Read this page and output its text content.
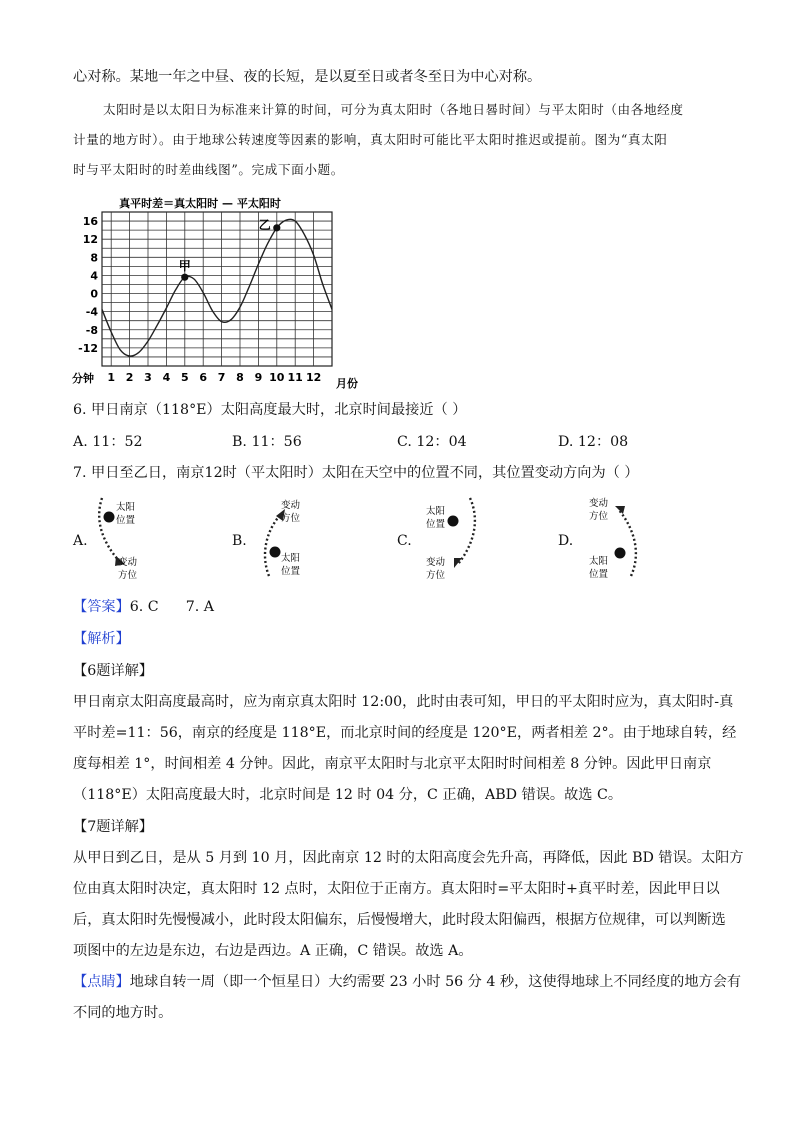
心对称。某地一年之中昼、夜的长短，是以夏至日或者冬至日为中心对称。
太阳时是以太阳日为标准来计算的时间，可分为真太阳时（各地日晷时间）与平太阳时（由各地经度
计量的地方时）。由于地球公转速度等因素的影响，真太阳时可能比平太阳时推迟或提前。图为“真太阳
时与平太阳时的时差曲线图”。完成下面小题。
真平时差＝真太阳时 — 平太阳时
16
12
8
4
0
-4
-8
-12
1 2 3 4 5 6 7 8 9 10 11 12
甲
乙
分钟	月份
6. 甲日南京（118°E）太阳高度最大时，北京时间最接近（ ）
A. 11：52	B. 11：56	C. 12：04	D. 12：08
7. 甲日至乙日，南京12时（平太阳时）太阳在天空中的位置不同，其位置变动方向为（ ）
A.	B.	C.	D.
太阳
位置
变动
方位
变动
方位
太阳
位置
太阳
位置
变动
方位
变动
方位
太阳
位置
【答案】6. C      7. A
【解析】
【6题详解】
甲日南京太阳高度最高时，应为南京真太阳时 12:00，此时由表可知，甲日的平太阳时应为，真太阳时-真
平时差=11：56，南京的经度是 118°E，而北京时间的经度是 120°E，两者相差 2°。由于地球自转，经
度每相差 1°，时间相差 4 分钟。因此，南京平太阳时与北京平太阳时时间相差 8 分钟。因此甲日南京
（118°E）太阳高度最大时，北京时间是 12 时 04 分，C 正确，ABD 错误。故选 C。
【7题详解】
从甲日到乙日，是从 5 月到 10 月，因此南京 12 时的太阳高度会先升高，再降低，因此 BD 错误。太阳方
位由真太阳时决定，真太阳时 12 点时，太阳位于正南方。真太阳时=平太阳时+真平时差，因此甲日以
后，真太阳时先慢慢减小，此时段太阳偏东，后慢慢增大，此时段太阳偏西，根据方位规律，可以判断选
项图中的左边是东边，右边是西边。A 正确，C 错误。故选 A。
【点睛】地球自转一周（即一个恒星日）大约需要 23 小时 56 分 4 秒，这使得地球上不同经度的地方会有
不同的地方时。
